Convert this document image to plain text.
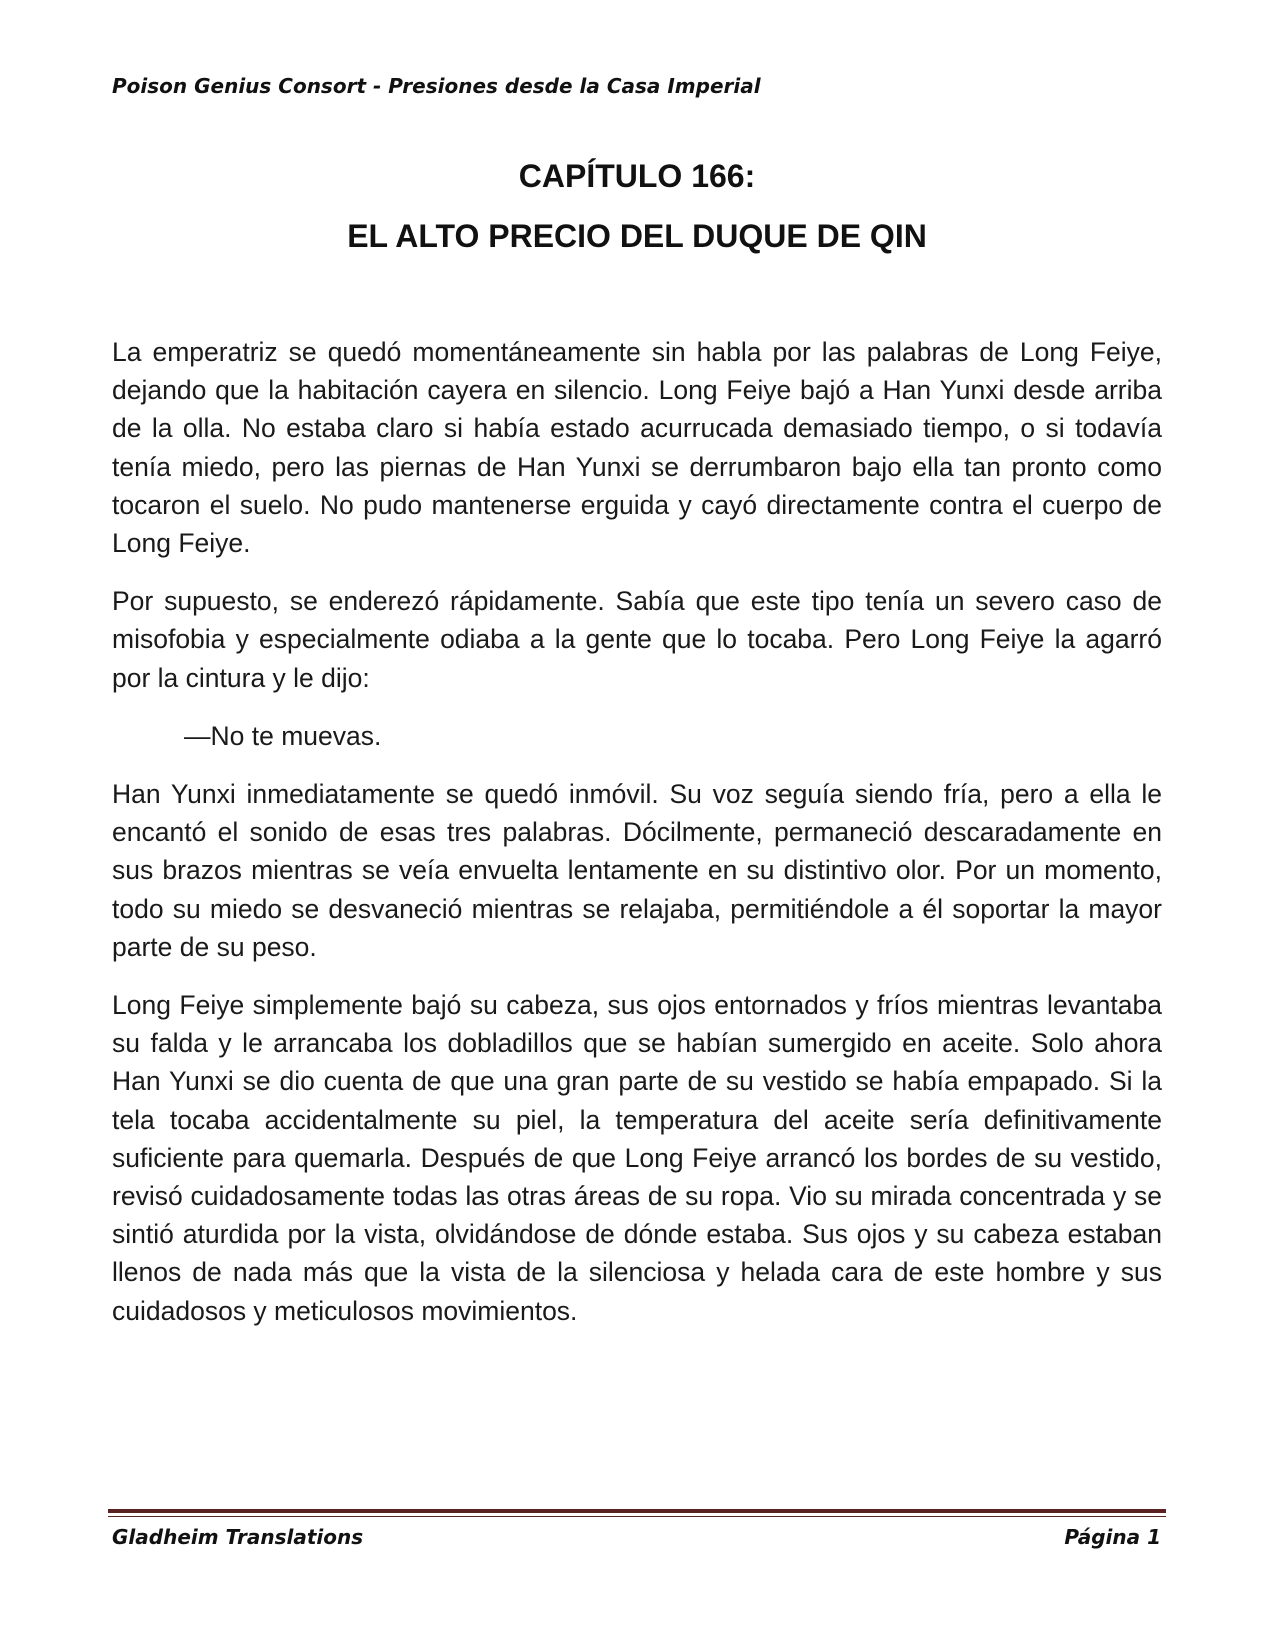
Poison Genius Consort - Presiones desde la Casa Imperial
CAPÍTULO 166:
EL ALTO PRECIO DEL DUQUE DE QIN

La emperatriz se quedó momentáneamente sin habla por las palabras de Long Feiye, dejando que la habitación cayera en silencio. Long Feiye bajó a Han Yunxi desde arriba de la olla. No estaba claro si había estado acurrucada demasiado tiempo, o si todavía tenía miedo, pero las piernas de Han Yunxi se derrumbaron bajo ella tan pronto como tocaron el suelo. No pudo mantenerse erguida y cayó directamente contra el cuerpo de Long Feiye.

Por supuesto, se enderezó rápidamente. Sabía que este tipo tenía un severo caso de misofobia y especialmente odiaba a la gente que lo tocaba. Pero Long Feiye la agarró por la cintura y le dijo:

—No te muevas.

Han Yunxi inmediatamente se quedó inmóvil. Su voz seguía siendo fría, pero a ella le encantó el sonido de esas tres palabras. Dócilmente, permaneció descaradamente en sus brazos mientras se veía envuelta lentamente en su distintivo olor. Por un momento, todo su miedo se desvaneció mientras se relajaba, permitiéndole a él soportar la mayor parte de su peso.

Long Feiye simplemente bajó su cabeza, sus ojos entornados y fríos mientras levantaba su falda y le arrancaba los dobladillos que se habían sumergido en aceite. Solo ahora Han Yunxi se dio cuenta de que una gran parte de su vestido se había empapado. Si la tela tocaba accidentalmente su piel, la temperatura del aceite sería definitivamente suficiente para quemarla. Después de que Long Feiye arrancó los bordes de su vestido, revisó cuidadosamente todas las otras áreas de su ropa. Vio su mirada concentrada y se sintió aturdida por la vista, olvidándose de dónde estaba. Sus ojos y su cabeza estaban llenos de nada más que la vista de la silenciosa y helada cara de este hombre y sus cuidadosos y meticulosos movimientos.

Gladheim Translations	Página 1
